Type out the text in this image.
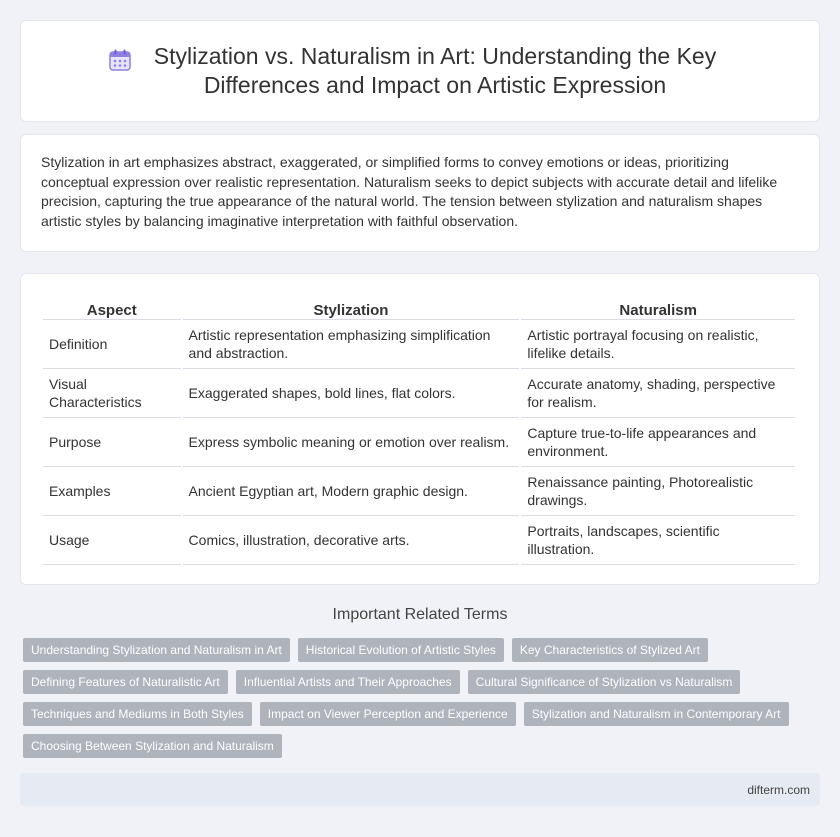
Stylization vs. Naturalism in Art: Understanding the Key Differences and Impact on Artistic Expression

Stylization in art emphasizes abstract, exaggerated, or simplified forms to convey emotions or ideas, prioritizing conceptual expression over realistic representation. Naturalism seeks to depict subjects with accurate detail and lifelike precision, capturing the true appearance of the natural world. The tension between stylization and naturalism shapes artistic styles by balancing imaginative interpretation with faithful observation.

Aspect	Stylization	Naturalism
Definition	Artistic representation emphasizing simplification and abstraction.	Artistic portrayal focusing on realistic, lifelike details.
Visual Characteristics	Exaggerated shapes, bold lines, flat colors.	Accurate anatomy, shading, perspective for realism.
Purpose	Express symbolic meaning or emotion over realism.	Capture true-to-life appearances and environment.
Examples	Ancient Egyptian art, Modern graphic design.	Renaissance painting, Photorealistic drawings.
Usage	Comics, illustration, decorative arts.	Portraits, landscapes, scientific illustration.
Important Related Terms
Understanding Stylization and Naturalism in Art	Historical Evolution of Artistic Styles	Key Characteristics of Stylized Art
Defining Features of Naturalistic Art	Influential Artists and Their Approaches	Cultural Significance of Stylization vs Naturalism
Techniques and Mediums in Both Styles	Impact on Viewer Perception and Experience	Stylization and Naturalism in Contemporary Art
Choosing Between Stylization and Naturalism
difterm.com
